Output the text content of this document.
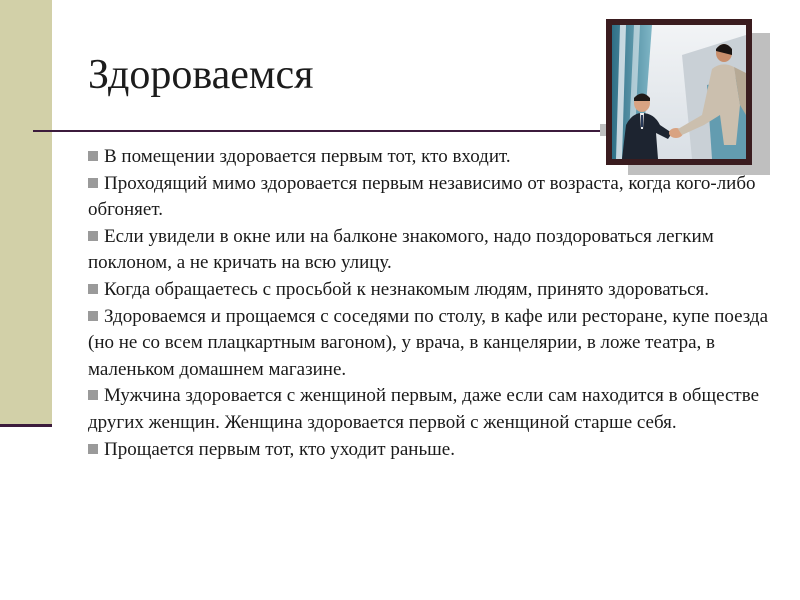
Здороваемся
В помещении здоровается первым тот, кто входит.
Проходящий мимо здоровается первым независимо от возраста, когда кого-либо обгоняет.
Если увидели в окне или на балконе знакомого, надо поздороваться легким поклоном, а не кричать на всю улицу.
Когда обращаетесь с просьбой к незнакомым людям, принято здороваться.
Здороваемся и прощаемся с соседями по столу, в кафе или ресторане, купе поезда (но не со всем плацкартным вагоном), у врача, в канцелярии, в ложе театра, в маленьком домашнем магазине.
Мужчина здоровается с женщиной первым, даже если сам находится в обществе других женщин. Женщина здоровается первой с женщиной старше себя.
Прощается первым тот, кто уходит раньше.
